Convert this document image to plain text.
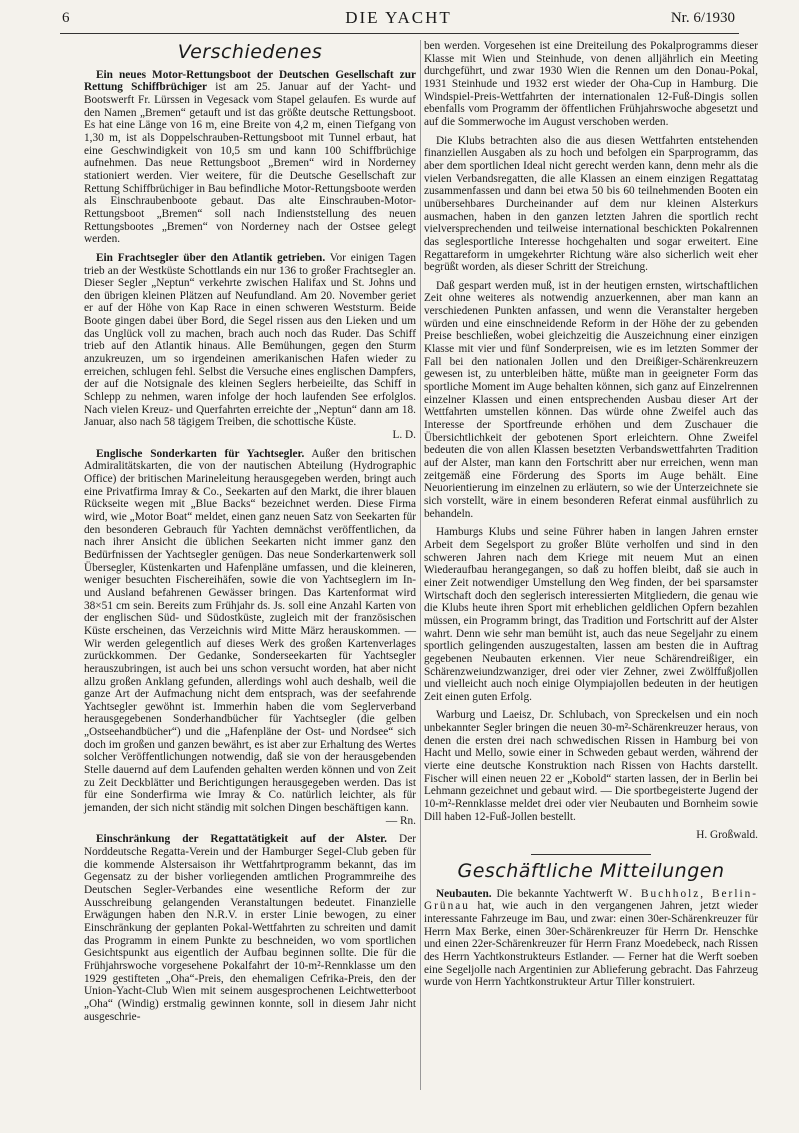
6	DIE YACHT	Nr. 6/1930
Verschiedenes

Ein neues Motor-Rettungsboot der Deutschen Gesellschaft zur Rettung Schiffbrüchiger ist am 25. Januar auf der Yacht- und Bootswerft Fr. Lürssen in Vegesack vom Stapel gelaufen. Es wurde auf den Namen „Bremen“ getauft und ist das größte deutsche Rettungsboot. Es hat eine Länge von 16 m, eine Breite von 4,2 m, einen Tiefgang von 1,30 m, ist als Doppelschrauben-Rettungsboot mit Tunnel erbaut, hat eine Geschwindigkeit von 10,5 sm und kann 100 Schiffbrüchige aufnehmen. Das neue Rettungsboot „Bremen“ wird in Norderney stationiert werden. Vier weitere, für die Deutsche Gesellschaft zur Rettung Schiffbrüchiger in Bau befindliche Motor-Rettungsboote werden als Einschraubenboote gebaut. Das alte Einschrauben-Motor-Rettungsboot „Bremen“ soll nach Indienststellung des neuen Rettungsbootes „Bremen“ von Norderney nach der Ostsee gelegt werden.

Ein Frachtsegler über den Atlantik getrieben. Vor einigen Tagen trieb an der Westküste Schottlands ein nur 136 to großer Frachtsegler an. Dieser Segler „Neptun“ verkehrte zwischen Halifax und St. Johns und den übrigen kleinen Plätzen auf Neufundland. Am 20. November geriet er auf der Höhe von Kap Race in einen schweren Weststurm. Beide Boote gingen dabei über Bord, die Segel rissen aus den Lieken und um das Unglück voll zu machen, brach auch noch das Ruder. Das Schiff trieb auf den Atlantik hinaus. Alle Bemühungen, gegen den Sturm anzukreuzen, um so irgendeinen amerikanischen Hafen wieder zu erreichen, schlugen fehl. Selbst die Versuche eines englischen Dampfers, der auf die Notsignale des kleinen Seglers herbeieilte, das Schiff in Schlepp zu nehmen, waren infolge der hoch laufenden See erfolglos. Nach vielen Kreuz- und Querfahrten erreichte der „Neptun“ dann am 18. Januar, also nach 58 tägigem Treiben, die schottische Küste.
L. D.

Englische Sonderkarten für Yachtsegler. Außer den britischen Admiralitätskarten, die von der nautischen Abteilung (Hydrographic Office) der britischen Marineleitung herausgegeben werden, bringt auch eine Privatfirma Imray & Co., Seekarten auf den Markt, die ihrer blauen Rückseite wegen mit „Blue Backs“ bezeichnet werden. Diese Firma wird, wie „Motor Boat“ meldet, einen ganz neuen Satz von Seekarten für den besonderen Gebrauch für Yachten demnächst veröffentlichen, da nach ihrer Ansicht die üblichen Seekarten nicht immer ganz den Bedürfnissen der Yachtsegler genügen. Das neue Sonderkartenwerk soll Übersegler, Küstenkarten und Hafenpläne umfassen, und die kleineren, weniger besuchten Fischereihäfen, sowie die von Yachtseglern im In- und Ausland befahrenen Gewässer bringen. Das Kartenformat wird 38×51 cm sein. Bereits zum Frühjahr ds. Js. soll eine Anzahl Karten von der englischen Süd- und Südostküste, zugleich mit der französischen Küste erscheinen, das Verzeichnis wird Mitte März herauskommen. — Wir werden gelegentlich auf dieses Werk des großen Kartenverlages zurückkommen. Der Gedanke, Sonderseekarten für Yachtsegler herauszubringen, ist auch bei uns schon versucht worden, hat aber nicht allzu großen Anklang gefunden, allerdings wohl auch deshalb, weil die ganze Art der Aufmachung nicht dem entsprach, was der seefahrende Yachtsegler gewöhnt ist. Immerhin haben die vom Seglerverband herausgegebenen Sonderhandbücher für Yachtsegler (die gelben „Ostseehandbücher“) und die „Hafenpläne der Ost- und Nordsee“ sich doch im großen und ganzen bewährt, es ist aber zur Erhaltung des Wertes solcher Veröffentlichungen notwendig, daß sie von der herausgebenden Stelle dauernd auf dem Laufenden gehalten werden können und von Zeit zu Zeit Deckblätter und Berichtigungen herausgegeben werden. Das ist für eine Sonderfirma wie Imray & Co. natürlich leichter, als für jemanden, der sich nicht ständig mit solchen Dingen beschäftigen kann.
— Rn.

Einschränkung der Regattatätigkeit auf der Alster. Der Norddeutsche Regatta-Verein und der Hamburger Segel-Club geben für die kommende Alstersaison ihr Wettfahrtprogramm bekannt, das im Gegensatz zu der bisher vorliegenden amtlichen Programmreihe des Deutschen Segler-Verbandes eine wesentliche Reform der zur Ausschreibung gelangenden Veranstaltungen bedeutet. Finanzielle Erwägungen haben den N.R.V. in erster Linie bewogen, zu einer Einschränkung der geplanten Pokal-Wettfahrten zu schreiten und damit das Programm in einem Punkte zu beschneiden, wo vom sportlichen Gesichtspunkt aus eigentlich der Aufbau beginnen sollte. Die für die Frühjahrswoche vorgesehene Pokalfahrt der 10-m²-Rennklasse um den 1929 gestifteten „Oha“-Preis, den ehemaligen Cefrika-Preis, den der Union-Yacht-Club Wien mit seinem ausgesprochenen Leichtwetterboot „Oha“ (Windig) erstmalig gewinnen konnte, soll in diesem Jahr nicht ausgeschrie-

ben werden. Vorgesehen ist eine Dreiteilung des Pokalprogramms dieser Klasse mit Wien und Steinhude, von denen alljährlich ein Meeting durchgeführt, und zwar 1930 Wien die Rennen um den Donau-Pokal, 1931 Steinhude und 1932 erst wieder der Oha-Cup in Hamburg. Die Windspiel-Preis-Wettfahrten der internationalen 12-Fuß-Dingis sollen ebenfalls vom Programm der öffentlichen Frühjahrswoche abgesetzt und auf die Sommerwoche im August verschoben werden.

Die Klubs betrachten also die aus diesen Wettfahrten entstehenden finanziellen Ausgaben als zu hoch und befolgen ein Sparprogramm, das aber dem sportlichen Ideal nicht gerecht werden kann, denn mehr als die vielen Verbandsregatten, die alle Klassen an einem einzigen Regattatag zusammenfassen und dann bei etwa 50 bis 60 teilnehmenden Booten ein unübersehbares Durcheinander auf dem nur kleinen Alsterkurs ausmachen, haben in den ganzen letzten Jahren die sportlich recht vielversprechenden und teilweise international beschickten Pokalrennen das seglesportliche Interesse hochgehalten und sogar erweitert. Eine Regattareform in umgekehrter Richtung wäre also sicherlich weit eher begrüßt worden, als dieser Schritt der Streichung.

Daß gespart werden muß, ist in der heutigen ernsten, wirtschaftlichen Zeit ohne weiteres als notwendig anzuerkennen, aber man kann an verschiedenen Punkten anfassen, und wenn die Veranstalter hergeben würden und eine einschneidende Reform in der Höhe der zu gebenden Preise beschließen, wobei gleichzeitig die Auszeichnung einer einzigen Klasse mit vier und fünf Sonderpreisen, wie es im letzten Sommer der Fall bei den nationalen Jollen und den Dreißiger-Schärenkreuzern gewesen ist, zu unterbleiben hätte, müßte man in geeigneter Form das sportliche Moment im Auge behalten können, sich ganz auf Einzelrennen einzelner Klassen und einen entsprechenden Ausbau dieser Art der Wettfahrten umstellen können. Das würde ohne Zweifel auch das Interesse der Sportfreunde erhöhen und dem Zuschauer die Übersichtlichkeit der gebotenen Sport erleichtern. Ohne Zweifel bedeuten die von allen Klassen besetzten Verbandswettfahrten Tradition auf der Alster, man kann den Fortschritt aber nur erreichen, wenn man zeitgemäß eine Förderung des Sports im Auge behält. Eine Neuorientierung im einzelnen zu erläutern, so wie der Unterzeichnete sie sich vorstellt, wäre in einem besonderen Referat einmal ausführlich zu behandeln.

Hamburgs Klubs und seine Führer haben in langen Jahren ernster Arbeit dem Segelsport zu großer Blüte verholfen und sind in den schweren Jahren nach dem Kriege mit neuem Mut an einen Wiederaufbau herangegangen, so daß zu hoffen bleibt, daß sie auch in einer Zeit notwendiger Umstellung den Weg finden, der bei sparsamster Wirtschaft doch den seglerisch interessierten Mitgliedern, die genau wie die Klubs heute ihren Sport mit erheblichen geldlichen Opfern bezahlen müssen, ein Programm bringt, das Tradition und Fortschritt auf der Alster wahrt. Denn wie sehr man bemüht ist, auch das neue Segeljahr zu einem sportlich gelingenden auszugestalten, lassen am besten die in Auftrag gegebenen Neubauten erkennen. Vier neue Schärendreißiger, ein Schärenzweiundzwanziger, drei oder vier Zehner, zwei Zwölffußjollen und vielleicht auch noch einige Olympiajollen bedeuten in der heutigen Zeit einen guten Erfolg.

Warburg und Laeisz, Dr. Schlubach, von Spreckelsen und ein noch unbekannter Segler bringen die neuen 30-m²-Schärenkreuzer heraus, von denen die ersten drei nach schwedischen Rissen in Hamburg bei von Hacht und Mello, sowie einer in Schweden gebaut werden, während der vierte eine deutsche Konstruktion nach Rissen von Hachts darstellt. Fischer will einen neuen 22 er „Kobold“ starten lassen, der in Berlin bei Lehmann gezeichnet und gebaut wird. — Die sportbegeisterte Jugend der 10-m²-Rennklasse meldet drei oder vier Neubauten und Bornheim sowie Dill haben 12-Fuß-Jollen bestellt.

H. Großwald.
Geschäftliche Mitteilungen

Neubauten. Die bekannte Yachtwerft W. Buchholz, Berlin-Grünau hat, wie auch in den vergangenen Jahren, jetzt wieder interessante Fahrzeuge im Bau, und zwar: einen 30er-Schärenkreuzer für Herrn Max Berke, einen 30er-Schärenkreuzer für Herrn Dr. Henschke und einen 22er-Schärenkreuzer für Herrn Franz Moedebeck, nach Rissen des Herrn Yachtkonstrukteurs Estlander. — Ferner hat die Werft soeben eine Segeljolle nach Argentinien zur Ablieferung gebracht. Das Fahrzeug wurde von Herrn Yachtkonstrukteur Artur Tiller konstruiert.
